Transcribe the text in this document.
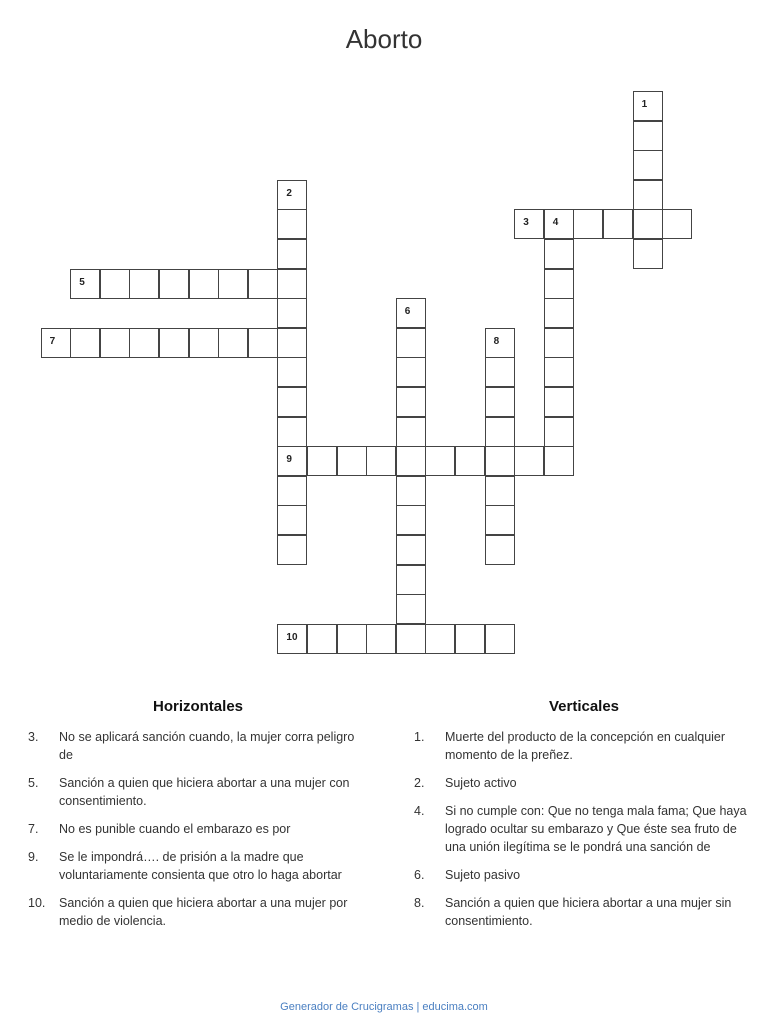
Aborto
1
2
9
3 4
5
6
7	8
10
Horizontales
3. No se aplicará sanción cuando, la mujer corra peligro de
5. Sanción a quien que hiciera abortar a una mujer con consentimiento.
7. No es punible cuando el embarazo es por
9. Se le impondrá…. de prisión a la madre que voluntariamente consienta que otro lo haga abortar
10. Sanción a quien que hiciera abortar a una mujer por medio de violencia.
Verticales
1. Muerte del producto de la concepción en cualquier momento de la preñez.
2. Sujeto activo
4. Si no cumple con: Que no tenga mala fama; Que haya logrado ocultar su embarazo y Que éste sea fruto de una unión ilegítima se le pondrá una sanción de
6. Sujeto pasivo
8. Sanción a quien que hiciera abortar a una mujer sin consentimiento.
Generador de Crucigramas | educima.com
